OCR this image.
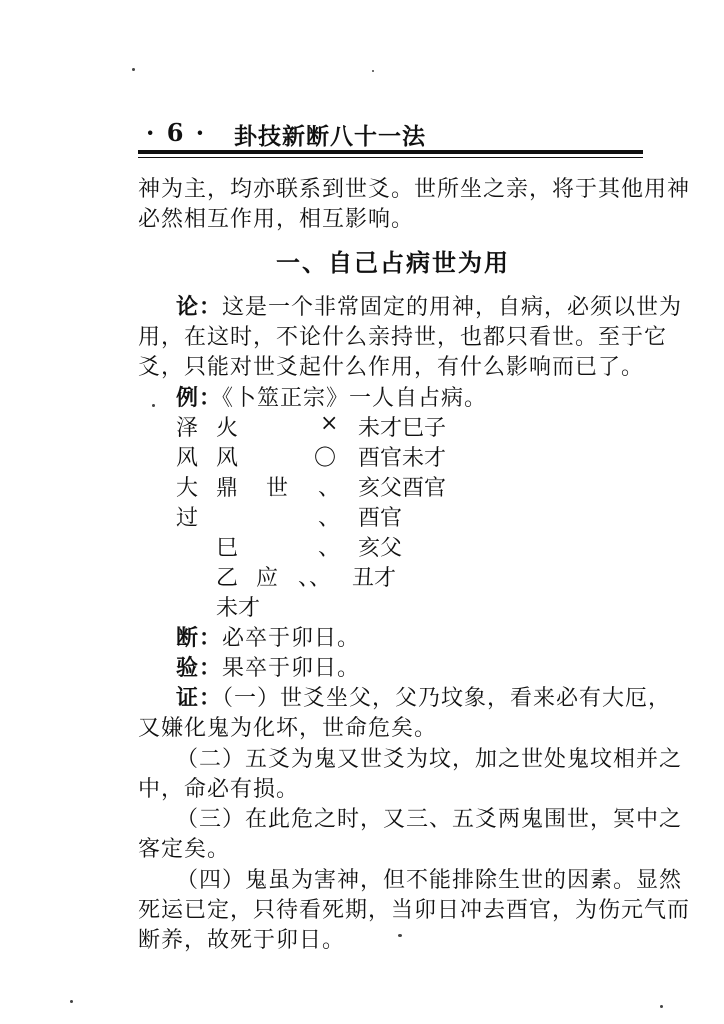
· 6 · 卦技新断八十一法
神为主，均亦联系到世爻。世所坐之亲，将于其他用神
必然相互作用，相互影响。
一、自己占病世为用
论：这是一个非常固定的用神，自病，必须以世为
用，在这时，不论什么亲持世，也都只看世。至于它
爻，只能对世爻起什么作用，有什么影响而已了。
例：《卜筮正宗》一人自占病。
泽
风
大
过
火
风
鼎
巳
乙
未才
世
应
× 未才巳子
〇 酉官未才
、 亥父酉官
、 酉官
、 亥父
、、 丑才
断：必卒于卯日。
验：果卒于卯日。
证：（一）世爻坐父，父乃坟象，看来必有大厄，
又嫌化鬼为化坏，世命危矣。
（二）五爻为鬼又世爻为坟，加之世处鬼坟相并之
中，命必有损。
（三）在此危之时，又三、五爻两鬼围世，冥中之
客定矣。
（四）鬼虽为害神，但不能排除生世的因素。显然
死运已定，只待看死期，当卯日冲去酉官，为伤元气而
断养，故死于卯日。
